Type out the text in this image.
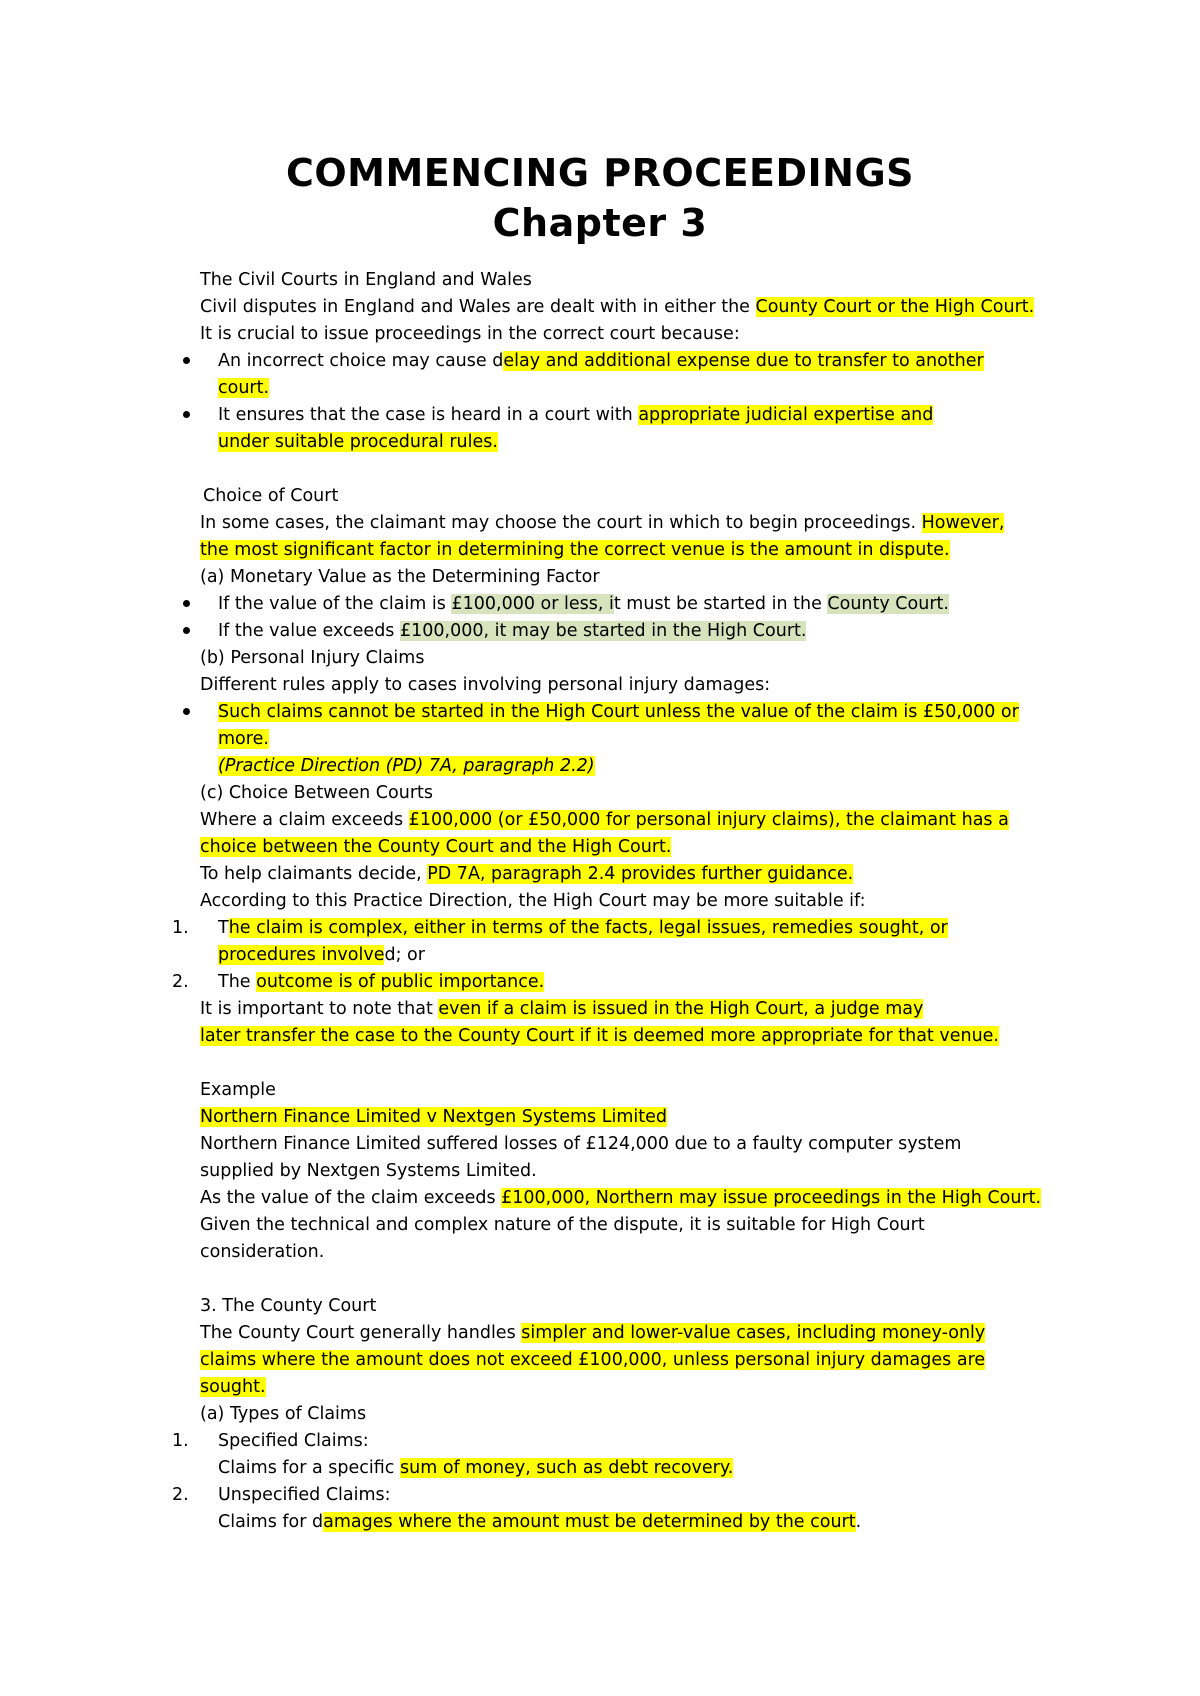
COMMENCING PROCEEDINGS
Chapter 3
The Civil Courts in England and Wales
Civil disputes in England and Wales are dealt with in either the County Court or the High Court.
It is crucial to issue proceedings in the correct court because:
An incorrect choice may cause delay and additional expense due to transfer to another
court.
It ensures that the case is heard in a court with appropriate judicial expertise and
under suitable procedural rules.
Choice of Court
In some cases, the claimant may choose the court in which to begin proceedings. However,
the most significant factor in determining the correct venue is the amount in dispute.
(a) Monetary Value as the Determining Factor
If the value of the claim is £100,000 or less, it must be started in the County Court.
If the value exceeds £100,000, it may be started in the High Court.
(b) Personal Injury Claims
Different rules apply to cases involving personal injury damages:
Such claims cannot be started in the High Court unless the value of the claim is £50,000 or
more.
(Practice Direction (PD) 7A, paragraph 2.2)
(c) Choice Between Courts
Where a claim exceeds £100,000 (or £50,000 for personal injury claims), the claimant has a
choice between the County Court and the High Court.
To help claimants decide, PD 7A, paragraph 2.4 provides further guidance.
According to this Practice Direction, the High Court may be more suitable if:
1. The claim is complex, either in terms of the facts, legal issues, remedies sought, or
procedures involved; or
2. The outcome is of public importance.
It is important to note that even if a claim is issued in the High Court, a judge may
later transfer the case to the County Court if it is deemed more appropriate for that venue.
Example
Northern Finance Limited v Nextgen Systems Limited
Northern Finance Limited suffered losses of £124,000 due to a faulty computer system
supplied by Nextgen Systems Limited.
As the value of the claim exceeds £100,000, Northern may issue proceedings in the High Court.
Given the technical and complex nature of the dispute, it is suitable for High Court
consideration.
3. The County Court
The County Court generally handles simpler and lower-value cases, including money-only
claims where the amount does not exceed £100,000, unless personal injury damages are
sought.
(a) Types of Claims
1. Specified Claims:
Claims for a specific sum of money, such as debt recovery.
2. Unspecified Claims:
Claims for damages where the amount must be determined by the court.
